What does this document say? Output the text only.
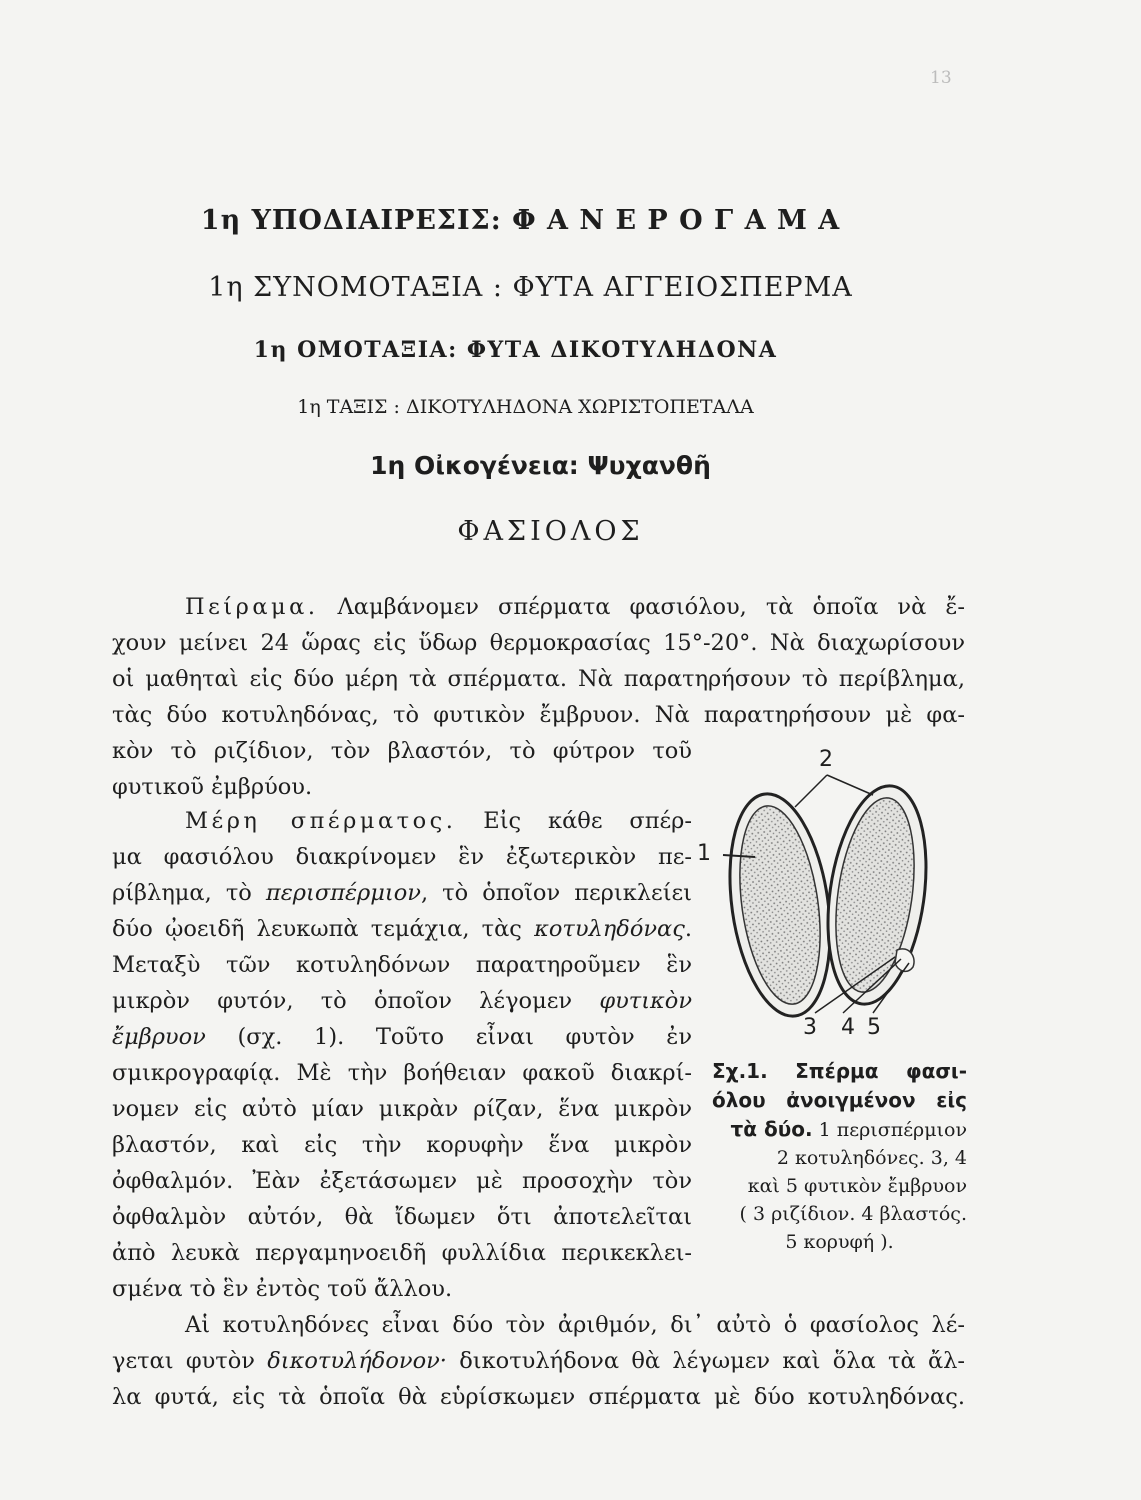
13
1η ΥΠΟΔΙΑΙΡΕΣΙΣ: Φ Α Ν Ε Ρ Ο Γ Α Μ Α
1η ΣΥΝΟΜΟΤΑΞΙΑ : ΦΥΤΑ ΑΓΓΕΙΟΣΠΕΡΜΑ
1η ΟΜΟΤΑΞΙΑ: ΦΥΤΑ ΔΙΚΟΤΥΛΗΔΟΝΑ
1η ΤΑΞΙΣ : ΔΙΚΟΤΥΛΗΔΟΝΑ ΧΩΡΙΣΤΟΠΕΤΑΛΑ
1η Οἰκογένεια: Ψυχανθῆ
ΦΑΣΙΟΛΟΣ
Πείραμα. Λαμβάνομεν σπέρματα φασιόλου, τὰ ὁποῖα νὰ ἔ-
χουν μείνει 24 ὥρας εἰς ὕδωρ θερμοκρασίας 15°-20°. Νὰ διαχωρίσουν
οἱ μαθηταὶ εἰς δύο μέρη τὰ σπέρματα. Νὰ παρατηρήσουν τὸ περίβλημα,
τὰς δύο κοτυληδόνας, τὸ φυτικὸν ἔμβρυον. Νὰ παρατηρήσουν μὲ φα-
κὸν τὸ ριζίδιον, τὸν βλαστόν, τὸ φύτρον τοῦ
φυτικοῦ ἐμβρύου.
Μέρη σπέρματος. Εἰς κάθε σπέρ-
μα φασιόλου διακρίνομεν ἓν ἐξωτερικὸν πε-
ρίβλημα, τὸ περισπέρμιον, τὸ ὁποῖον περικλείει
δύο ᾠοειδῆ λευκωπὰ τεμάχια, τὰς κοτυληδόνας.
Μεταξὺ τῶν κοτυληδόνων παρατηροῦμεν ἓν
μικρὸν φυτόν, τὸ ὁποῖον λέγομεν φυτικὸν
ἔμβρυον (σχ. 1). Τοῦτο εἶναι φυτὸν ἐν
σμικρογραφίᾳ. Μὲ τὴν βοήθειαν φακοῦ διακρί-
νομεν εἰς αὐτὸ μίαν μικρὰν ρίζαν, ἕνα μικρὸν
βλαστόν, καὶ εἰς τὴν κορυφὴν ἕνα μικρὸν
ὀφθαλμόν. Ἐὰν ἐξετάσωμεν μὲ προσοχὴν τὸν
ὀφθαλμὸν αὐτόν, θὰ ἴδωμεν ὅτι ἀποτελεῖται
ἀπὸ λευκὰ περγαμηνοειδῆ φυλλίδια περικεκλει-
σμένα τὸ ἓν ἐντὸς τοῦ ἄλλου.
Αἱ κοτυληδόνες εἶναι δύο τὸν ἀριθμόν, δι᾿ αὐτὸ ὁ φασίολος λέ-
γεται φυτὸν δικοτυλήδονον· δικοτυλήδονα θὰ λέγωμεν καὶ ὅλα τὰ ἄλ-
λα φυτά, εἰς τὰ ὁποῖα θὰ εὑρίσκωμεν σπέρματα μὲ δύο κοτυληδόνας.
1
2
3 4 5
Σχ.1. Σπέρμα φασι-
όλου ἀνοιγμένον εἰς
τὰ δύο. 1 περισπέρμιον
2 κοτυληδόνες. 3, 4
καὶ 5 φυτικὸν ἔμβρυον
( 3 ριζίδιον. 4 βλαστός.
5 κορυφή ).
